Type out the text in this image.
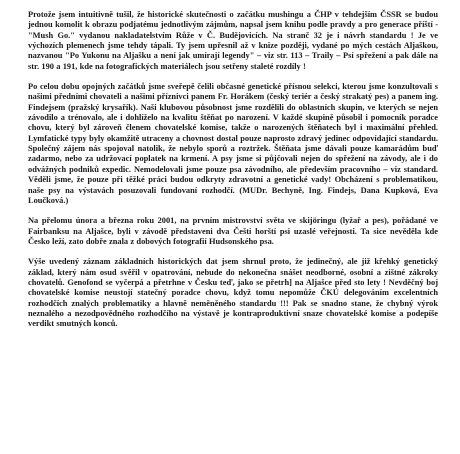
Protože jsem intuitivně tušil, že historické skutečnosti o začátku mushingu a ČHP v tehdejším ČSSR se budou jednou komolit k obrazu podjatému jednotlivým zájmům, napsal jsem knihu podle pravdy a pro generace příští - "Mush Go." vydanou nakladatelstvím Růže v Č. Budějovicích. Na stranč 32 je i návrh standardu ! Je ve výchozích plemenech jsme tehdy tápali. Ty jsem upřesnil až v knize později, vydané po mých cestách Aljaškou, nazvanou "Po Yukonu na Aljašku a není jak umírají legendy" – viz str. 113 – Traily – Psí spřežení a pak dále na str. 190 a 191, kde na fotografických materiálech jsou setřeny staleté rozdíly !

Po celou dobu opojných začátků jsme sveřepě čelili občasné genetické přísnou selekci, kterou jsme konzultovali s našimi předními chovateli a našimi příznivci panem Fr. Horákem (český teriér a český strakatý pes) a panem ing. Findejsem (pražský krysařík). Naši klubovou působnost jsme rozdělili do oblastních skupin, ve kterých se nejen závodilo a trénovalo, ale i dohlíželo na kvalitu štěňat po narození. V každé skupině působil i pomocník poradce chovu, který byl zároveň členem chovatelské komise, takže o narozených štěňatech byl i maximální přehled. Lymfatické typy byly okamžitě utraceny a chovnost dostal pouze naprosto zdravý jedinec odpovídající standardu. Společný zájem nás spojoval natolik, že nebylo sporů a roztržek. Štěňata jsme dávali pouze kamarádům buď zadarmo, nebo za udržovací poplatek na krmení. A psy jsme si půjčovali nejen do spřežení na závody, ale i do odvážných podniků expedic. Nemodelovali jsme pouze psa závodního, ale především pracovního – viz standard. Věděli jsme, že pouze při těžké práci budou odkryty zdravotní a genetické vady! Obcházení s problematikou, naše psy na výstavách posuzovali fundovaní rozhodčí. (MUDr. Bechyně, Ing. Findejs, Dana Kupková, Eva Loučková.)

Na přelomu února a března roku 2001, na prvním mistrovství světa ve skijöringu (lyžař a pes), pořádané ve Fairbanksu na Aljašce, byli v závodě představeni dva Češti horští psi uzaslé veřejnosti. Ta sice nevěděla kde Česko leží, zato dobře znala z dobových fotografií Hudsonského psa.

Výše uvedený záznam základních historických dat jsem shrnul proto, že jedinečný, ale již křehký genetický základ, který nám osud svěřil v opatrování, nebude do nekonečna snášet neodborné, osobní a zištné zákroky chovatelů. Genofond se vyčerpá a přetrhne v Česku teď, jako se přetrh] na Aljašce před sto lety ! Nevděčný boj chovatelské komise neustojí statečný poradce chovu, když tomu nepomůže ČKÚ delegováním excelentních rozhodčích znalých problematiky a hlavně neměněného standardu !!! Pak se snadno stane, že chybný výrok neznalého a nezodpovědného rozhodčího na výstavě je kontraproduktivní snaze chovatelské komise a podepíše verdikt smutných konců.
